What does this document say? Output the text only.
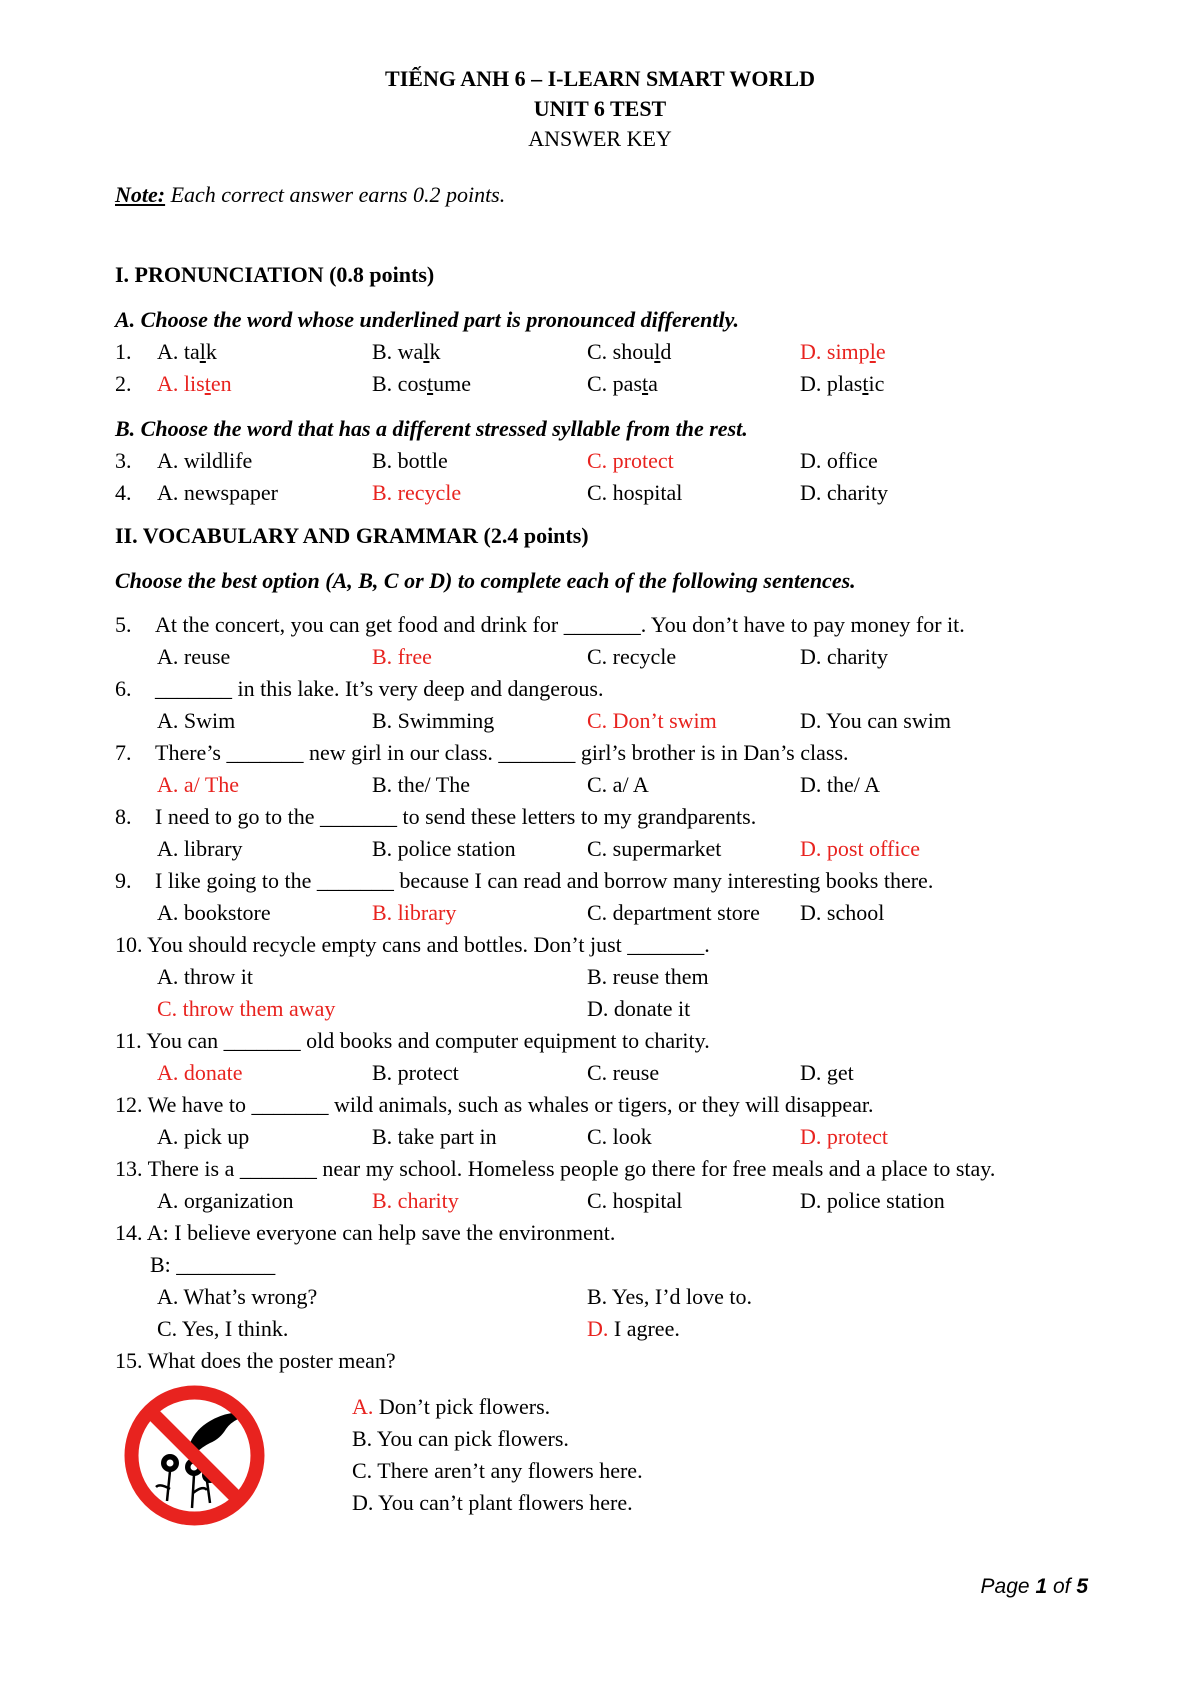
TIẾNG ANH 6 – I-LEARN SMART WORLD
UNIT 6 TEST
ANSWER KEY
Note: Each correct answer earns 0.2 points.
I. PRONUNCIATION (0.8 points)
A. Choose the word whose underlined part is pronounced differently.
1.	A. talk	B. walk	C. should	D. simple
2.	A. listen	B. costume	C. pasta	D. plastic
B. Choose the word that has a different stressed syllable from the rest.
3.	A. wildlife	B. bottle	C. protect	D. office
4.	A. newspaper	B. recycle	C. hospital	D. charity
II. VOCABULARY AND GRAMMAR (2.4 points)
Choose the best option (A, B, C or D) to complete each of the following sentences.
5.	At the concert, you can get food and drink for _______. You don’t have to pay money for it.
A. reuse	B. free	C. recycle	D. charity
6.	_______ in this lake. It’s very deep and dangerous.
A. Swim	B. Swimming	C. Don’t swim	D. You can swim
7.	There’s _______ new girl in our class. _______ girl’s brother is in Dan’s class.
A. a/ The	B. the/ The	C. a/ A	D. the/ A
8.	I need to go to the _______ to send these letters to my grandparents.
A. library	B. police station	C. supermarket	D. post office
9.	I like going to the _______ because I can read and borrow many interesting books there.
A. bookstore	B. library	C. department store D. school
10. You should recycle empty cans and bottles. Don’t just _______.
A. throw it	B. reuse them
C. throw them away	D. donate it
11. You can _______ old books and computer equipment to charity.
A. donate	B. protect	C. reuse	D. get
12. We have to _______ wild animals, such as whales or tigers, or they will disappear.
A. pick up	B. take part in	C. look	D. protect
13. There is a _______ near my school. Homeless people go there for free meals and a place to stay.
A. organization	B. charity	C. hospital	D. police station
14. A: I believe everyone can help save the environment.
B: _________
A. What’s wrong?	B. Yes, I’d love to.
C. Yes, I think.	D. I agree.
15. What does the poster mean?
A. Don’t pick flowers.
B. You can pick flowers.
C. There aren’t any flowers here.
D. You can’t plant flowers here.
Page 1 of 5
